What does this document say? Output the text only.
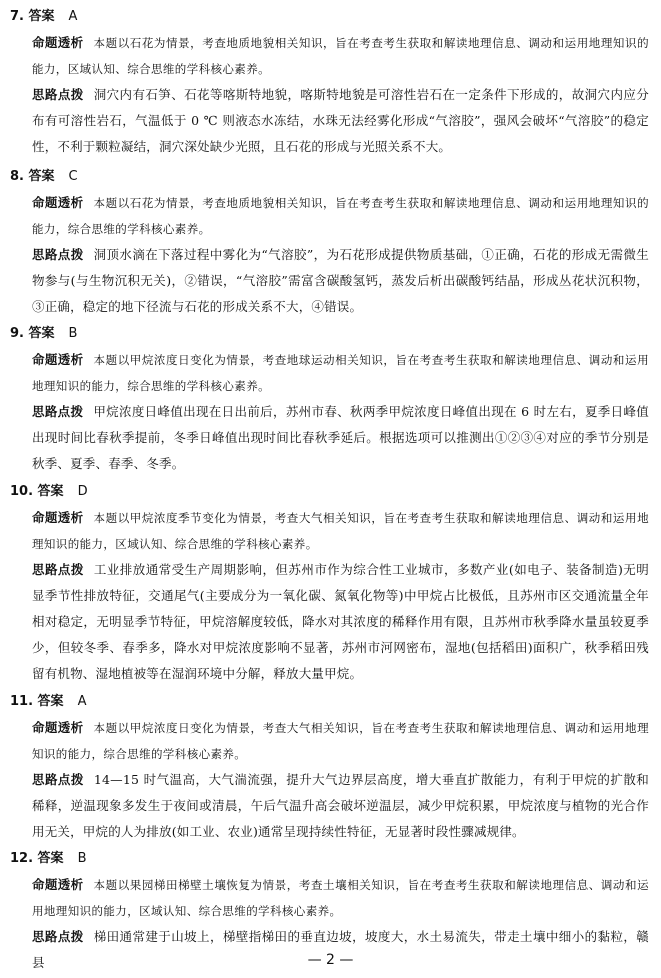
7. 答案 A
命题透析 本题以石花为情景，考查地质地貌相关知识，旨在考查考生获取和解读地理信息、调动和运用地理知识的能力，区域认知、综合思维的学科核心素养。
思路点拨 洞穴内有石笋、石花等喀斯特地貌，喀斯特地貌是可溶性岩石在一定条件下形成的，故洞穴内应分布有可溶性岩石，气温低于 0 ℃ 则液态水冻结，水珠无法经雾化形成“气溶胶”，强风会破坏“气溶胶”的稳定性，不利于颗粒凝结，洞穴深处缺少光照，且石花的形成与光照关系不大。
8. 答案 C
命题透析 本题以石花为情景，考查地质地貌相关知识，旨在考查考生获取和解读地理信息、调动和运用地理知识的能力，综合思维的学科核心素养。
思路点拨 洞顶水滴在下落过程中雾化为“气溶胶”，为石花形成提供物质基础，①正确，石花的形成无需微生物参与(与生物沉积无关)，②错误，“气溶胶”需富含碳酸氢钙，蒸发后析出碳酸钙结晶，形成丛花状沉积物，③正确，稳定的地下径流与石花的形成关系不大，④错误。
9. 答案 B
命题透析 本题以甲烷浓度日变化为情景，考查地球运动相关知识，旨在考查考生获取和解读地理信息、调动和运用地理知识的能力，综合思维的学科核心素养。
思路点拨 甲烷浓度日峰值出现在日出前后，苏州市春、秋两季甲烷浓度日峰值出现在 6 时左右，夏季日峰值出现时间比春秋季提前，冬季日峰值出现时间比春秋季延后。根据选项可以推测出①②③④对应的季节分别是秋季、夏季、春季、冬季。
10. 答案 D
命题透析 本题以甲烷浓度季节变化为情景，考查大气相关知识，旨在考查考生获取和解读地理信息、调动和运用地理知识的能力，区域认知、综合思维的学科核心素养。
思路点拨 工业排放通常受生产周期影响，但苏州市作为综合性工业城市，多数产业(如电子、装备制造)无明显季节性排放特征，交通尾气(主要成分为一氧化碳、氮氧化物等)中甲烷占比极低，且苏州市区交通流量全年相对稳定，无明显季节特征，甲烷溶解度较低，降水对其浓度的稀释作用有限，且苏州市秋季降水量虽较夏季少，但较冬季、春季多，降水对甲烷浓度影响不显著，苏州市河网密布，湿地(包括稻田)面积广，秋季稻田残留有机物、湿地植被等在湿润环境中分解，释放大量甲烷。
11. 答案 A
命题透析 本题以甲烷浓度日变化为情景，考查大气相关知识，旨在考查考生获取和解读地理信息、调动和运用地理知识的能力，综合思维的学科核心素养。
思路点拨 14—15 时气温高，大气湍流强，提升大气边界层高度，增大垂直扩散能力，有利于甲烷的扩散和稀释，逆温现象多发生于夜间或清晨，午后气温升高会破坏逆温层，减少甲烷积累，甲烷浓度与植物的光合作用无关，甲烷的人为排放(如工业、农业)通常呈现持续性特征，无显著时段性骤减规律。
12. 答案 B
命题透析 本题以果园梯田梯壁土壤恢复为情景，考查土壤相关知识，旨在考查考生获取和解读地理信息、调动和运用地理知识的能力，区域认知、综合思维的学科核心素养。
思路点拨 梯田通常建于山坡上，梯壁指梯田的垂直边坡，坡度大，水土易流失，带走土壤中细小的黏粒，赣县	— 2 —
